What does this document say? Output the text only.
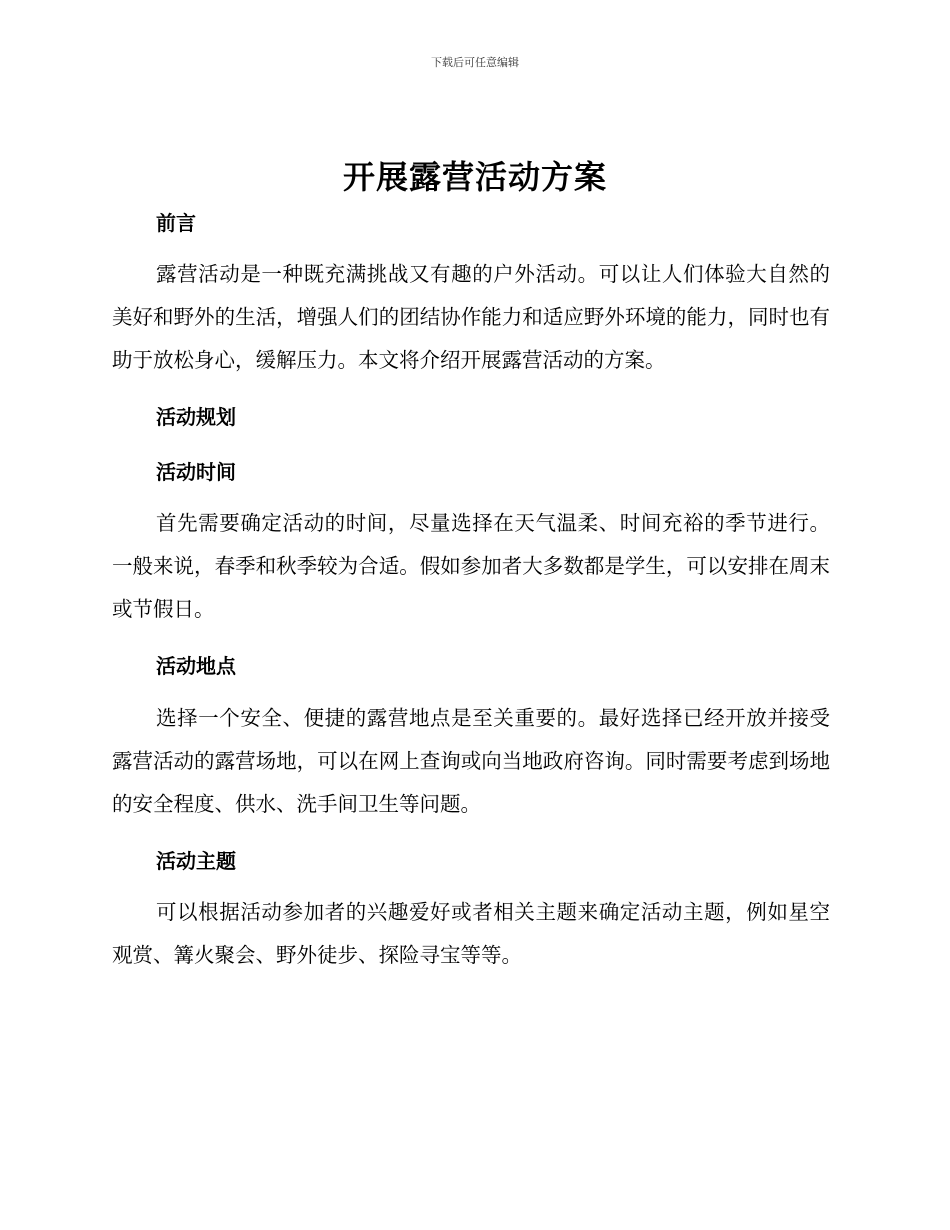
下载后可任意编辑
开展露营活动方案
前言
露营活动是一种既充满挑战又有趣的户外活动。可以让人们体验大自然的美好和野外的生活，增强人们的团结协作能力和适应野外环境的能力，同时也有助于放松身心，缓解压力。本文将介绍开展露营活动的方案。
活动规划
活动时间
首先需要确定活动的时间，尽量选择在天气温柔、时间充裕的季节进行。一般来说，春季和秋季较为合适。假如参加者大多数都是学生，可以安排在周末或节假日。
活动地点
选择一个安全、便捷的露营地点是至关重要的。最好选择已经开放并接受露营活动的露营场地，可以在网上查询或向当地政府咨询。同时需要考虑到场地的安全程度、供水、洗手间卫生等问题。
活动主题
可以根据活动参加者的兴趣爱好或者相关主题来确定活动主题，例如星空观赏、篝火聚会、野外徒步、探险寻宝等等。
